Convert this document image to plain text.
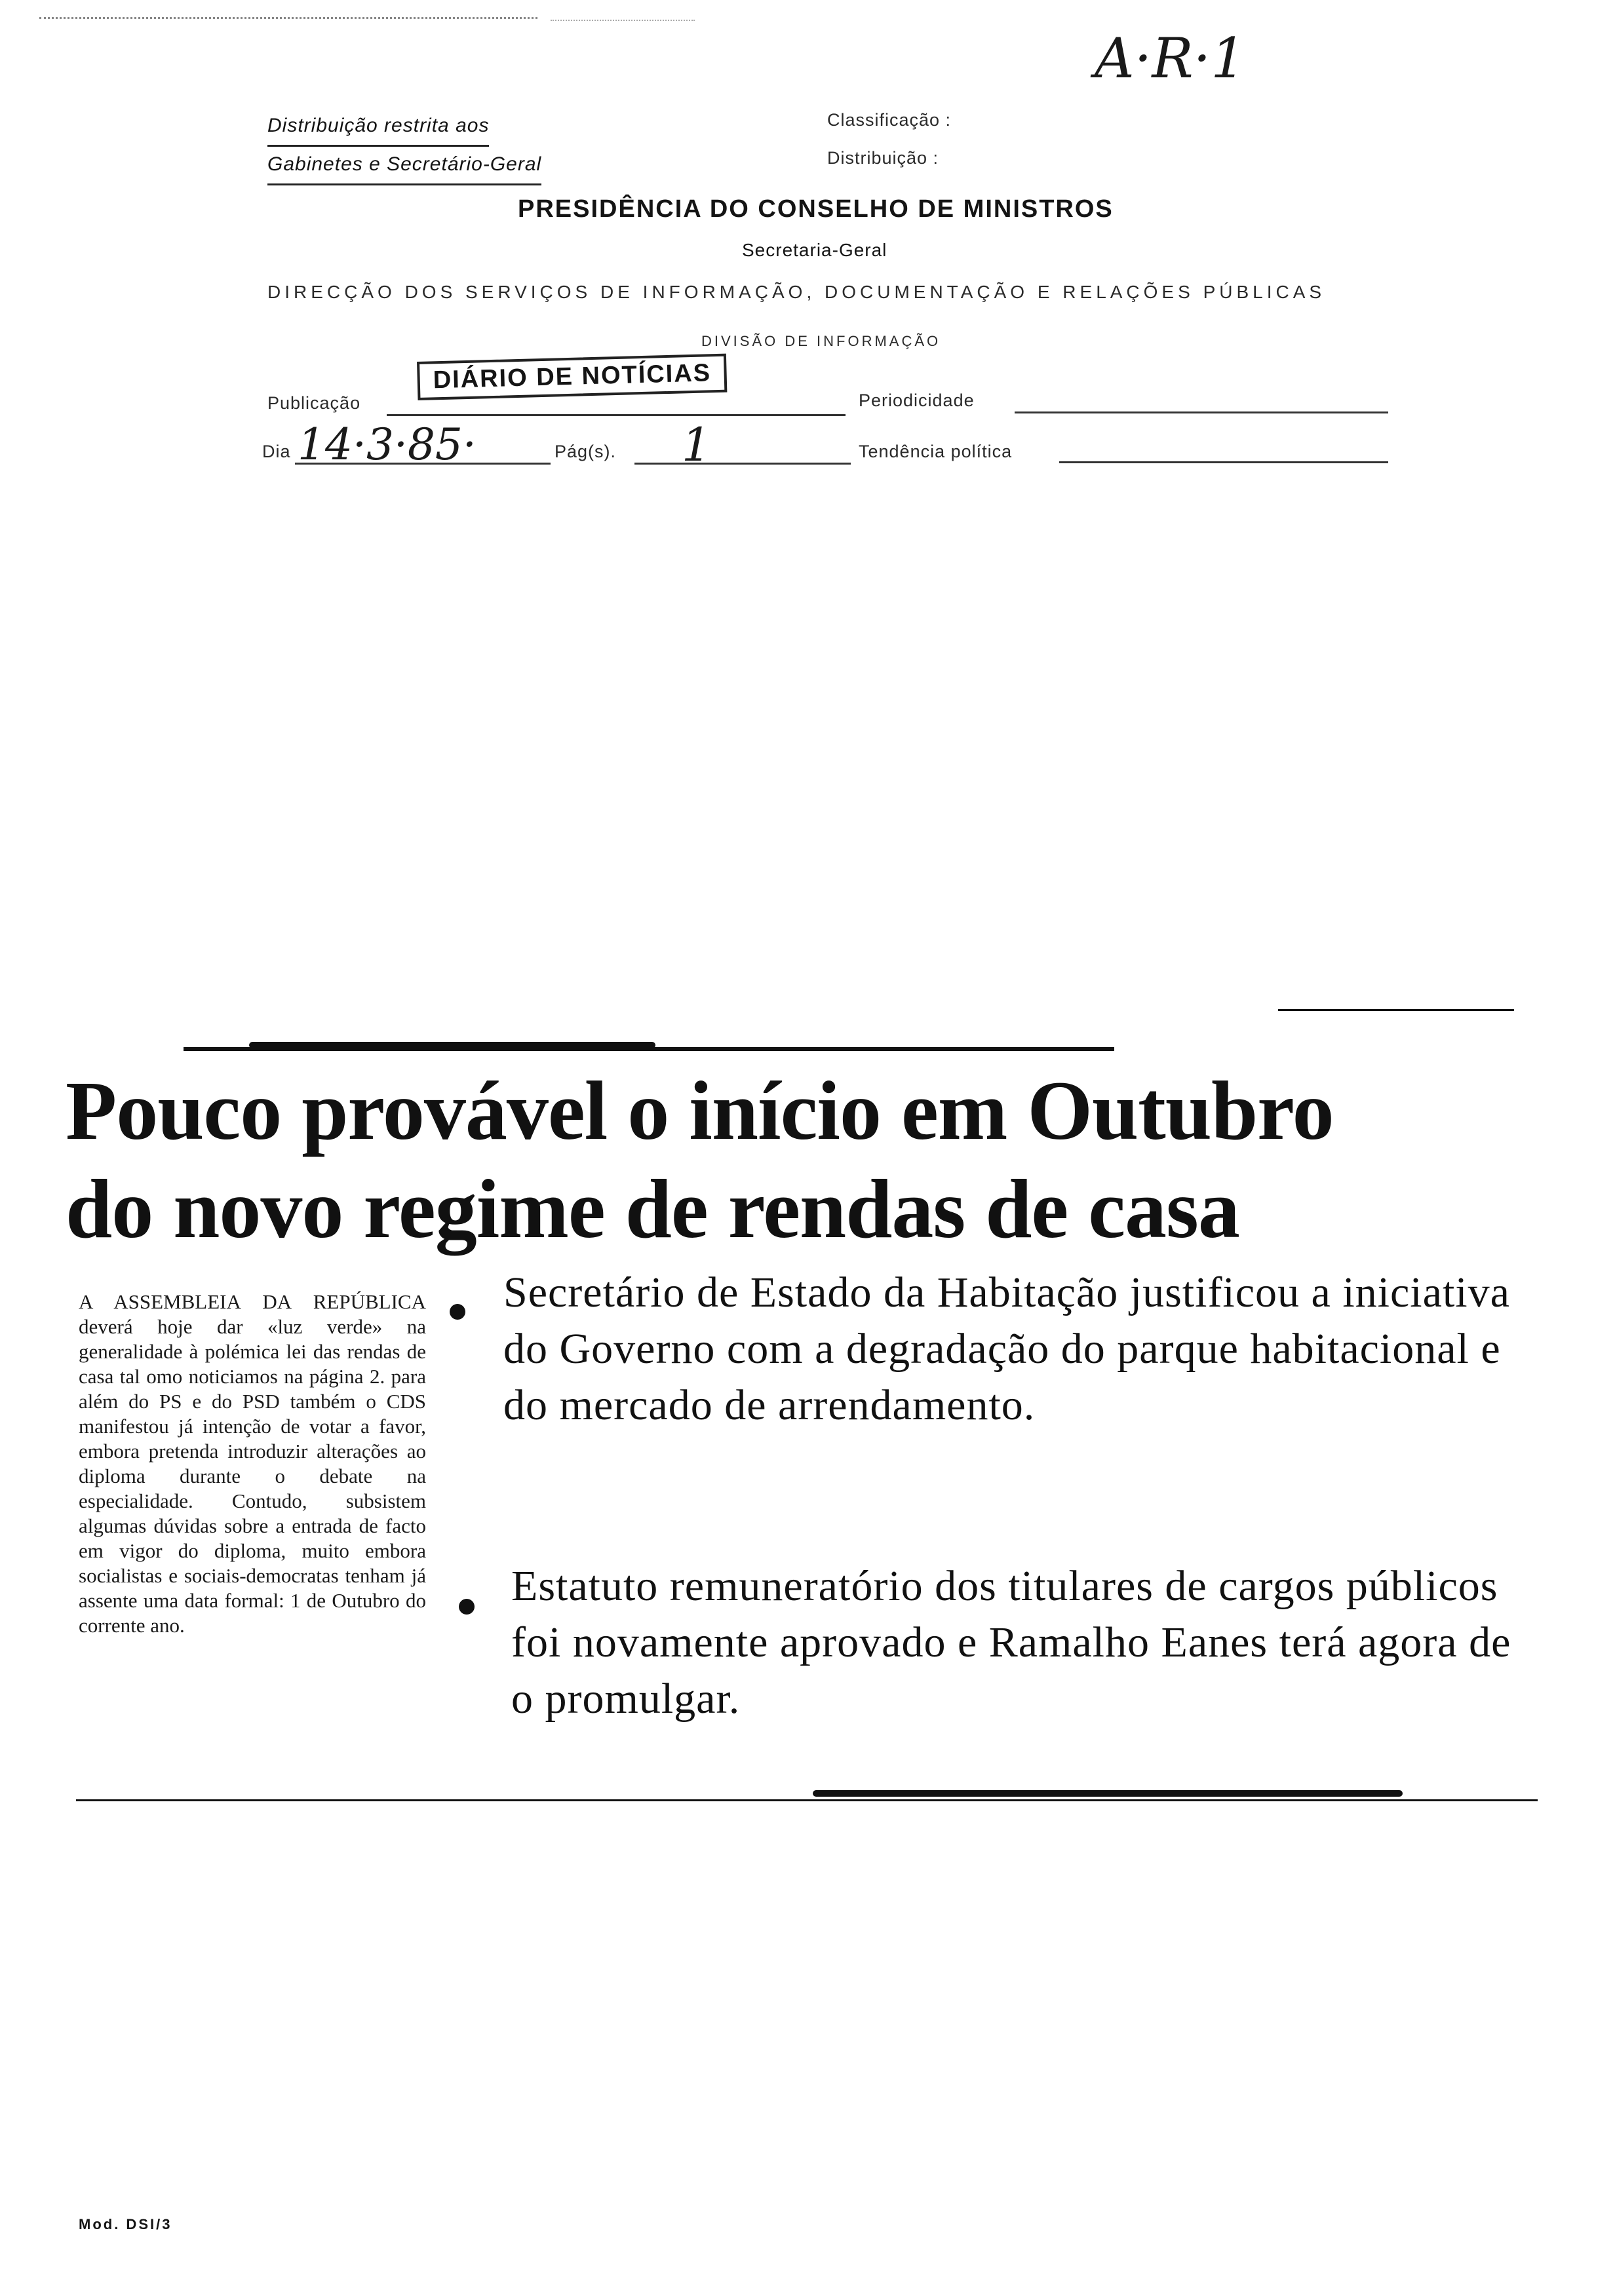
A·R·1
Distribuição restrita aos
Gabinetes e Secretário-Geral
Classificação :
Distribuição :
PRESIDÊNCIA DO CONSELHO DE MINISTROS
Secretaria-Geral
DIRECÇÃO DOS SERVIÇOS DE INFORMAÇÃO, DOCUMENTAÇÃO E RELAÇÕES PÚBLICAS
DIVISÃO DE INFORMAÇÃO
Publicação
DIÁRIO DE NOTÍCIAS
Periodicidade
Dia 14·3·85·	Pág(s). 1	Tendência política
Pouco provável o início em Outubro
do novo regime de rendas de casa
A ASSEMBLEIA DA REPÚBLICA deverá hoje dar «luz verde» na generalidade à polémica lei das rendas de casa tal omo noticiamos na página 2. para além do PS e do PSD também o CDS manifestou já intenção de votar a favor, embora pretenda introduzir alterações ao diploma durante o debate na especialidade. Contudo, subsistem algumas dúvidas sobre a entrada de facto em vigor do diploma, muito embora socialistas e sociais-democratas tenham já assente uma data formal: 1 de Outubro do corrente ano.
Secretário de Estado da Habitação justificou a iniciativa do Governo com a degradação do parque habitacional e do mercado de arrendamento.
Estatuto remuneratório dos titulares de cargos públicos foi novamente aprovado e Ramalho Eanes terá agora de o promulgar.
Mod. DSI/3
